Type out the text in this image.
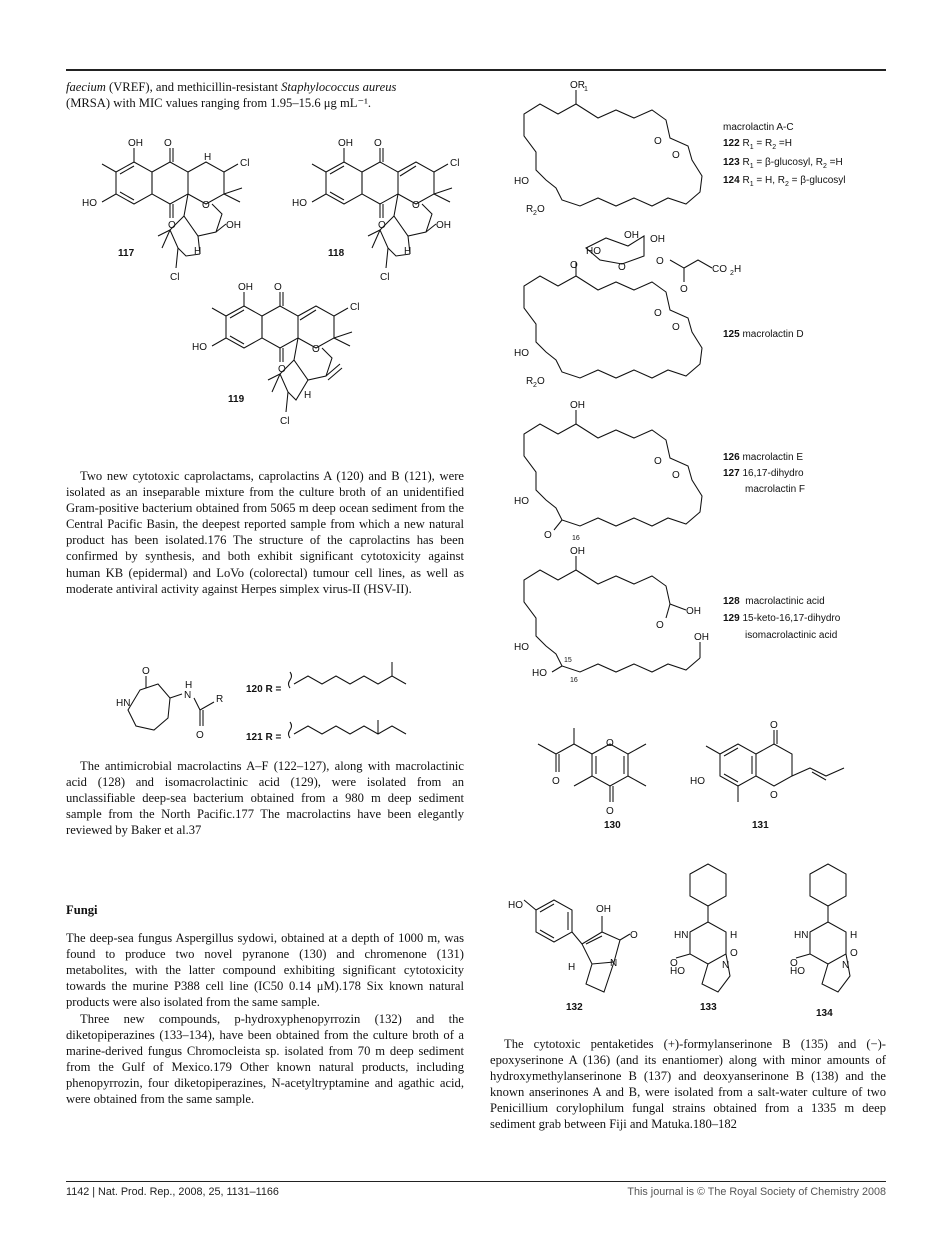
faecium (VREF), and methicillin-resistant Staphylococcus aureus

(MRSA) with MIC values ranging from 1.95–15.6 μg mL⁻¹.

OH O
HO
O
O
H
Cl
OH
H
Cl
117
OH O
HO
O
O
Cl
OH
H
Cl
118
OH O
HO
O
O
Cl
H
Cl
119
Two new cytotoxic caprolactams, caprolactins A (120) and B (121), were isolated as an inseparable mixture from the culture broth of an unidentified Gram-positive bacterium obtained from 5065 m deep ocean sediment from the Central Pacific Basin, the deepest reported sample from which a new natural product has been isolated.176 The structure of the caprolactins has been confirmed by synthesis, and both exhibit significant cytotoxicity against human KB (epidermal) and LoVo (colorectal) tumour cell lines, as well as moderate antiviral activity against Herpes simplex virus-II (HSV-II).
O
HN
N
H
O
R
120 R =
121 R =
The antimicrobial macrolactins A–F (122–127), along with macrolactinic acid (128) and isomacrolactinic acid (129), were isolated from an unclassifiable deep-sea bacterium obtained from a 980 m deep sediment sample from the North Pacific.177 The macrolactins have been elegantly reviewed by Baker et al.37
Fungi
The deep-sea fungus Aspergillus sydowi, obtained at a depth of 1000 m, was found to produce two novel pyranone (130) and chromenone (131) metabolites, with the latter compound exhibiting significant cytotoxicity towards the murine P388 cell line (IC50 0.14 μM).178 Six known natural products were also isolated from the same sample.
Three new compounds, p-hydroxyphenopyrrozin (132) and the diketopiperazines (133–134), have been obtained from the culture broth of a marine-derived fungus Chromocleista sp. isolated from 70 m deep sediment from the Gulf of Mexico.179 Other known natural products, including phenopyrrozin, four diketopiperazines, N-acetyltryptamine and agathic acid, were obtained from the same sample.
OR 1
O
O
HO
R 2 O
O
HO
OH OH
O
O
O
CO 2 H
O
O
HO
R 2 O
OH
O
O
HO
O	16
OH
O
OH
HO
HO
OH
15
16
macrolactin A-C
122 $R_1 = R_2 =H$
123 $R_1$ = β-glucosyl, $R_2 =H$
124 $R_1 = H$, $R_2$ = β-glucosyl
125 macrolactin D
126 macrolactin E
127 16,17-dihydro
macrolactin F
128  macrolactinic acid
129 15-keto-16,17-dihydro
isomacrolactinic acid
O
O
O
130
O
O
HO
131
HO	OH
O
N
H
132
HN	H
O
O	N
HO
133
HN	H
O
O	N
HO
134
The cytotoxic pentaketides (+)-formylanserinone B (135) and (−)-epoxyserinone A (136) (and its enantiomer) along with minor amounts of hydroxymethylanserinone B (137) and deoxyanserinone B (138) and the known anserinones A and B, were isolated from a salt-water culture of two Penicillium corylophilum fungal strains obtained from a 1335 m deep sediment grab between Fiji and Matuka.180–182
1142 | Nat. Prod. Rep., 2008, 25, 1131–1166	This journal is © The Royal Society of Chemistry 2008
